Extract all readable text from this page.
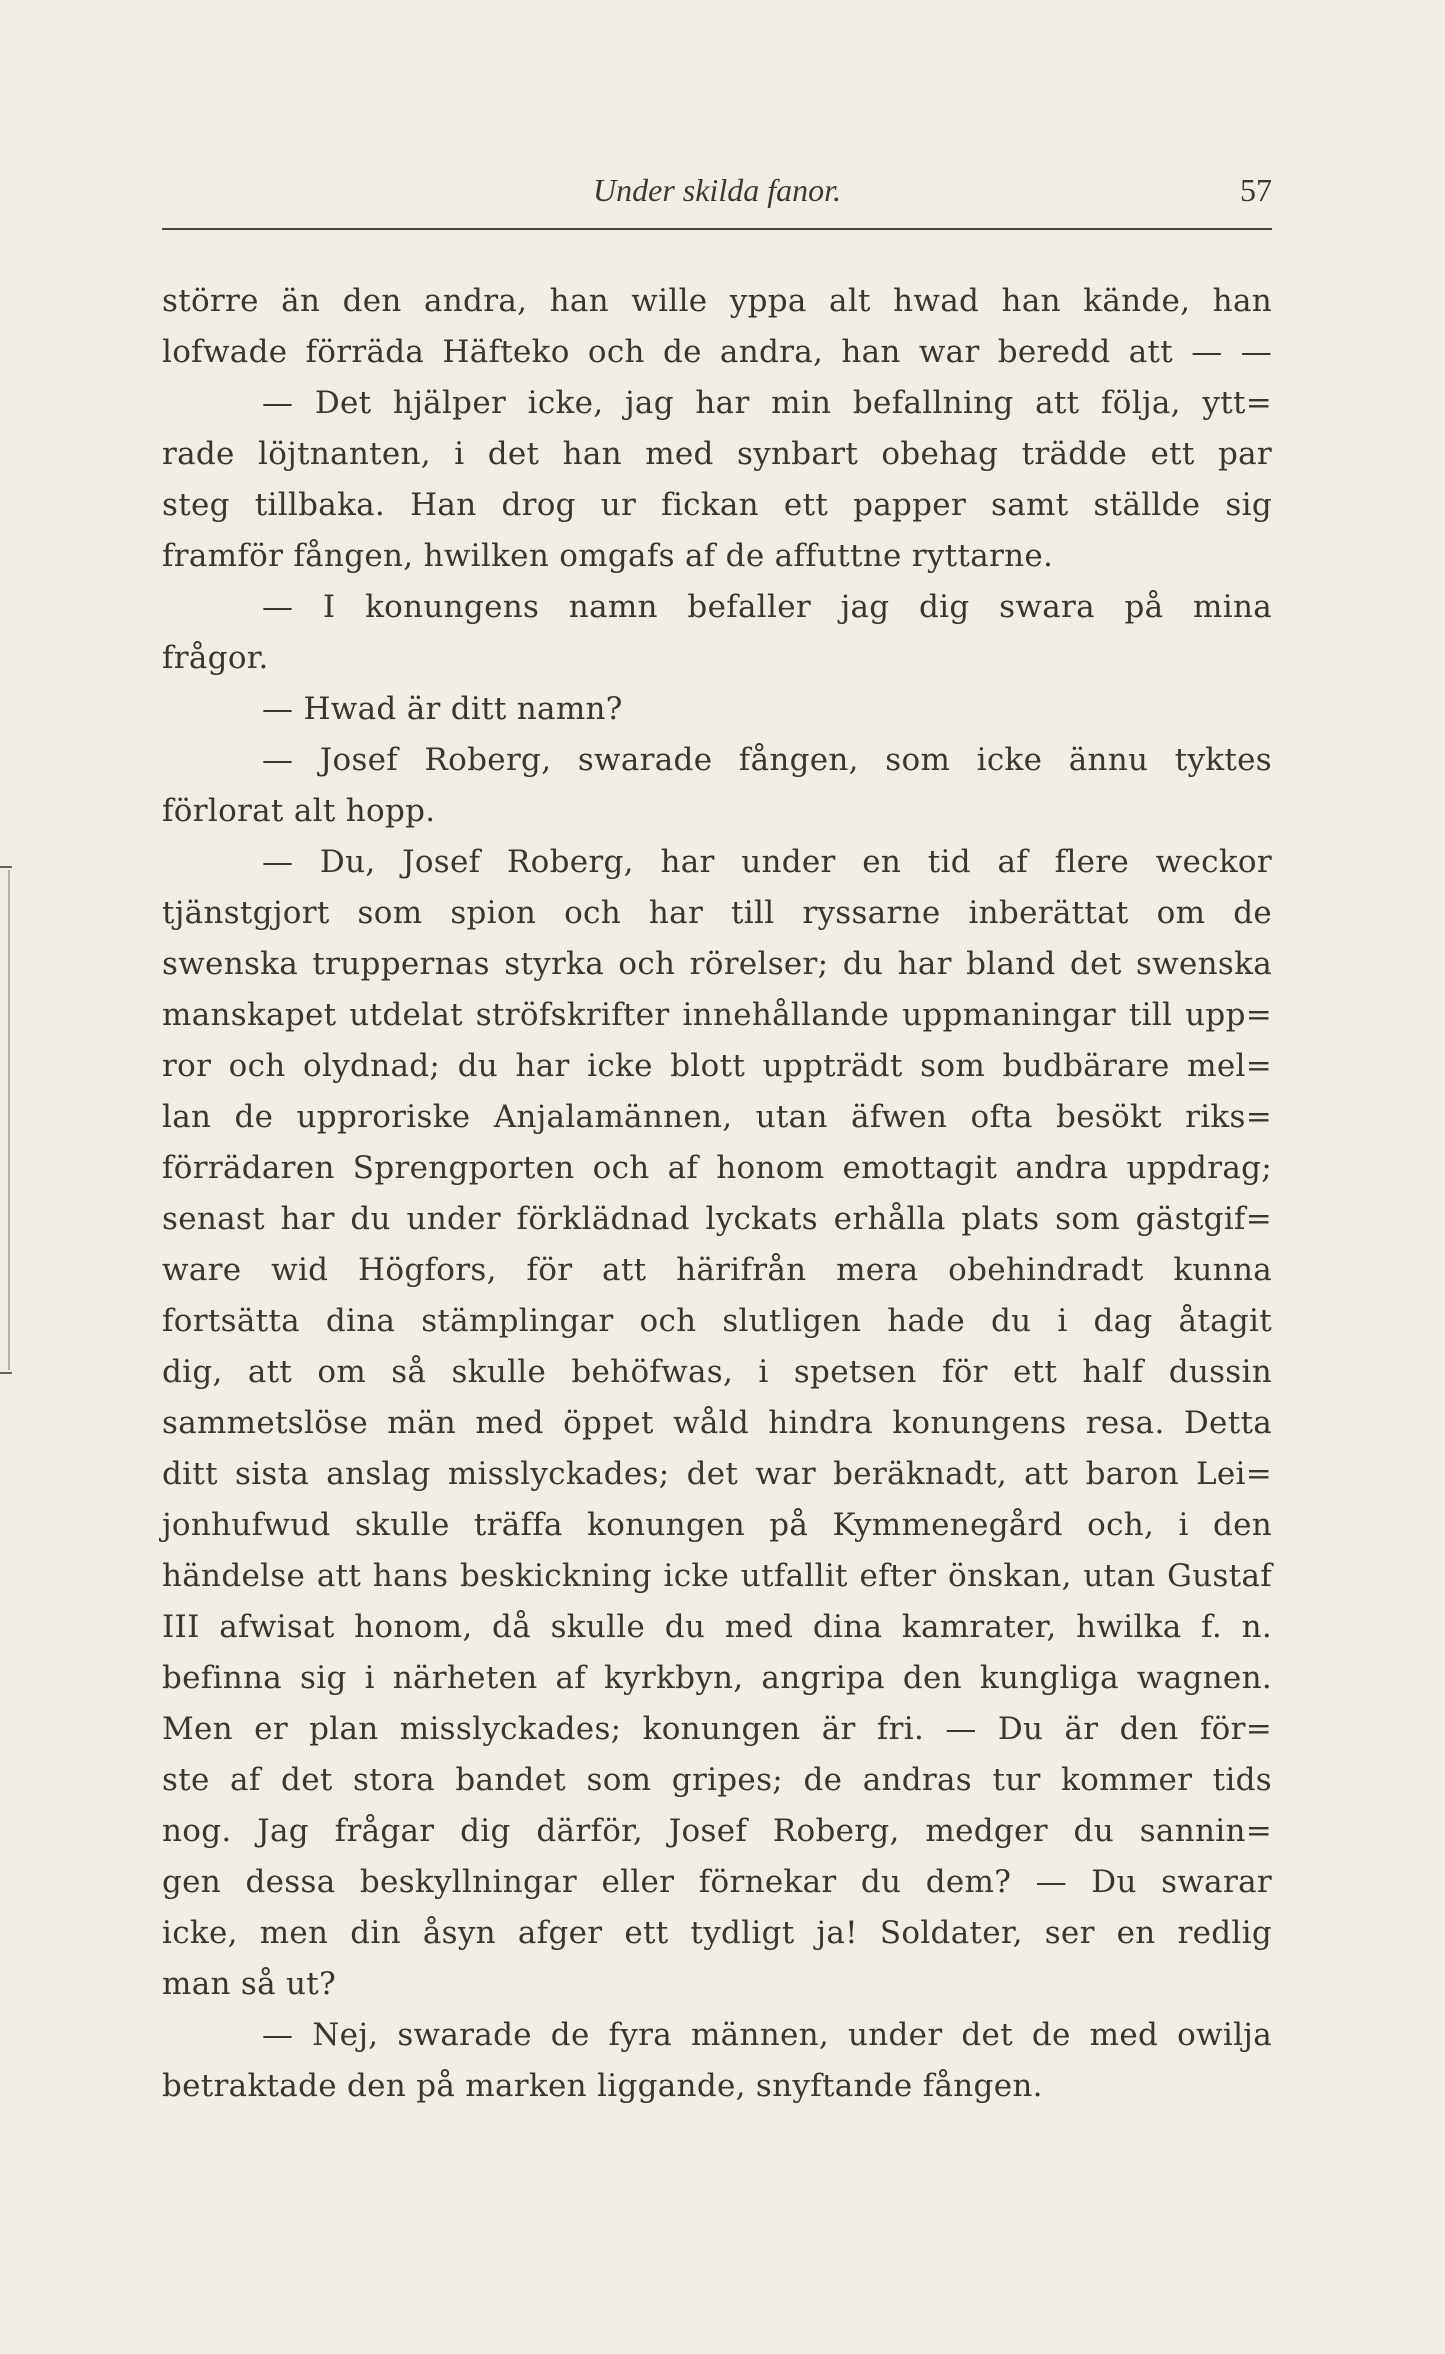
Under skilda fanor.	57
större än den andra, han wille yppa alt hwad han kände, han
lofwade förräda Häfteko och de andra, han war beredd att — —
— Det hjälper icke, jag har min befallning att följa, ytt=
rade löjtnanten, i det han med synbart obehag trädde ett par
steg tillbaka. Han drog ur fickan ett papper samt ställde sig
framför fången, hwilken omgafs af de affuttne ryttarne.
— I konungens namn befaller jag dig swara på mina
frågor.
— Hwad är ditt namn?
— Josef Roberg, swarade fången, som icke ännu tyktes
förlorat alt hopp.
— Du, Josef Roberg, har under en tid af flere weckor
tjänstgjort som spion och har till ryssarne inberättat om de
swenska truppernas styrka och rörelser; du har bland det swenska
manskapet utdelat ströfskrifter innehållande uppmaningar till upp=
ror och olydnad; du har icke blott uppträdt som budbärare mel=
lan de upproriske Anjalamännen, utan äfwen ofta besökt riks=
förrädaren Sprengporten och af honom emottagit andra uppdrag;
senast har du under förklädnad lyckats erhålla plats som gästgif=
ware wid Högfors, för att härifrån mera obehindradt kunna
fortsätta dina stämplingar och slutligen hade du i dag åtagit
dig, att om så skulle behöfwas, i spetsen för ett half dussin
sammetslöse män med öppet wåld hindra konungens resa. Detta
ditt sista anslag misslyckades; det war beräknadt, att baron Lei=
jonhufwud skulle träffa konungen på Kymmenegård och, i den
händelse att hans beskickning icke utfallit efter önskan, utan Gustaf
III afwisat honom, då skulle du med dina kamrater, hwilka f. n.
befinna sig i närheten af kyrkbyn, angripa den kungliga wagnen.
Men er plan misslyckades; konungen är fri. — Du är den för=
ste af det stora bandet som gripes; de andras tur kommer tids
nog. Jag frågar dig därför, Josef Roberg, medger du sannin=
gen dessa beskyllningar eller förnekar du dem? — Du swarar
icke, men din åsyn afger ett tydligt ja! Soldater, ser en redlig
man så ut?
— Nej, swarade de fyra männen, under det de med owilja
betraktade den på marken liggande, snyftande fången.
